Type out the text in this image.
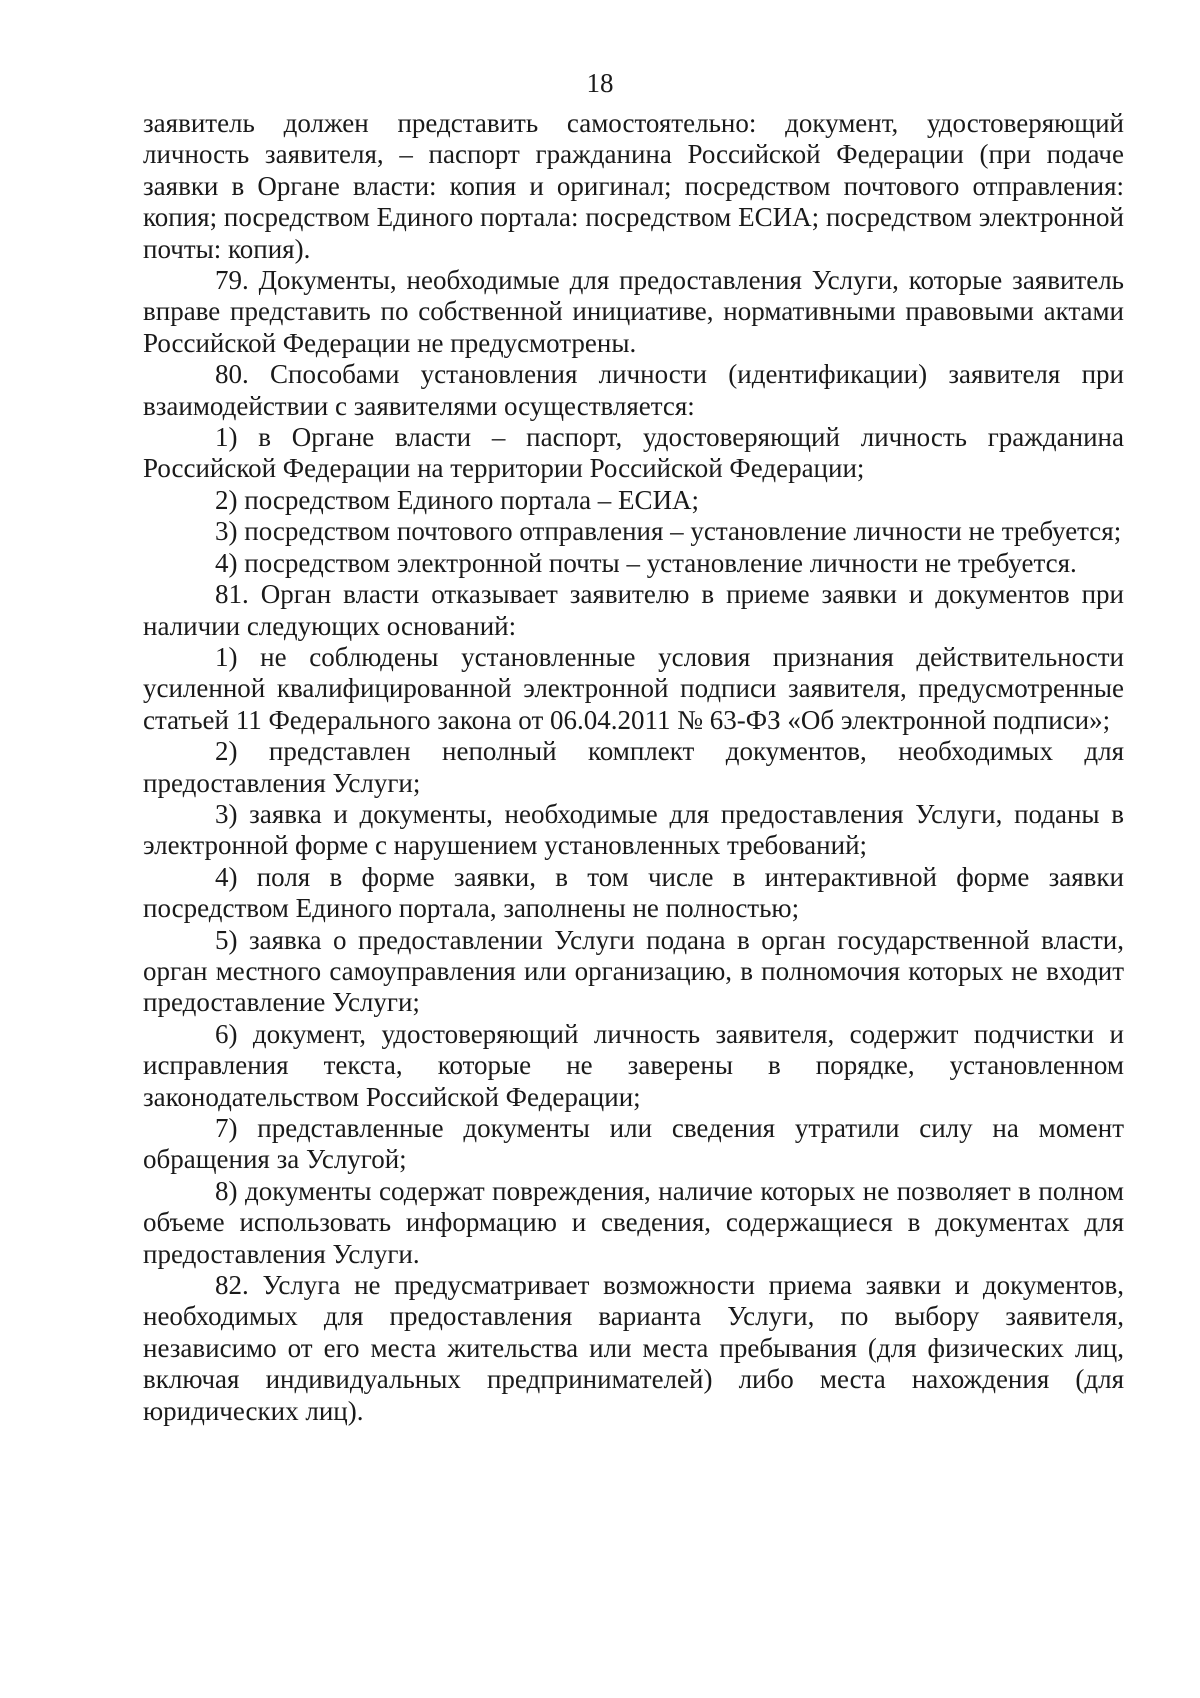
18

заявитель должен представить самостоятельно: документ, удостоверяющий личность заявителя, – паспорт гражданина Российской Федерации (при подаче заявки в Органе власти: копия и оригинал; посредством почтового отправления: копия; посредством Единого портала: посредством ЕСИА; посредством электронной почты: копия).

79. Документы, необходимые для предоставления Услуги, которые заявитель вправе представить по собственной инициативе, нормативными правовыми актами Российской Федерации не предусмотрены.

80. Способами установления личности (идентификации) заявителя при взаимодействии с заявителями осуществляется:

1) в Органе власти – паспорт, удостоверяющий личность гражданина Российской Федерации на территории Российской Федерации;

2) посредством Единого портала – ЕСИА;

3) посредством почтового отправления – установление личности не требуется;

4) посредством электронной почты – установление личности не требуется.

81. Орган власти отказывает заявителю в приеме заявки и документов при наличии следующих оснований:

1) не соблюдены установленные условия признания действительности усиленной квалифицированной электронной подписи заявителя, предусмотренные статьей 11 Федерального закона от 06.04.2011 № 63-ФЗ «Об электронной подписи»;

2) представлен неполный комплект документов, необходимых для предоставления Услуги;

3) заявка и документы, необходимые для предоставления Услуги, поданы в электронной форме с нарушением установленных требований;

4) поля в форме заявки, в том числе в интерактивной форме заявки посредством Единого портала, заполнены не полностью;

5) заявка о предоставлении Услуги подана в орган государственной власти, орган местного самоуправления или организацию, в полномочия которых не входит предоставление Услуги;

6) документ, удостоверяющий личность заявителя, содержит подчистки и исправления текста, которые не заверены в порядке, установленном законодательством Российской Федерации;

7) представленные документы или сведения утратили силу на момент обращения за Услугой;

8) документы содержат повреждения, наличие которых не позволяет в полном объеме использовать информацию и сведения, содержащиеся в документах для предоставления Услуги.

82. Услуга не предусматривает возможности приема заявки и документов, необходимых для предоставления варианта Услуги, по выбору заявителя, независимо от его места жительства или места пребывания (для физических лиц, включая индивидуальных предпринимателей) либо места нахождения (для юридических лиц).
